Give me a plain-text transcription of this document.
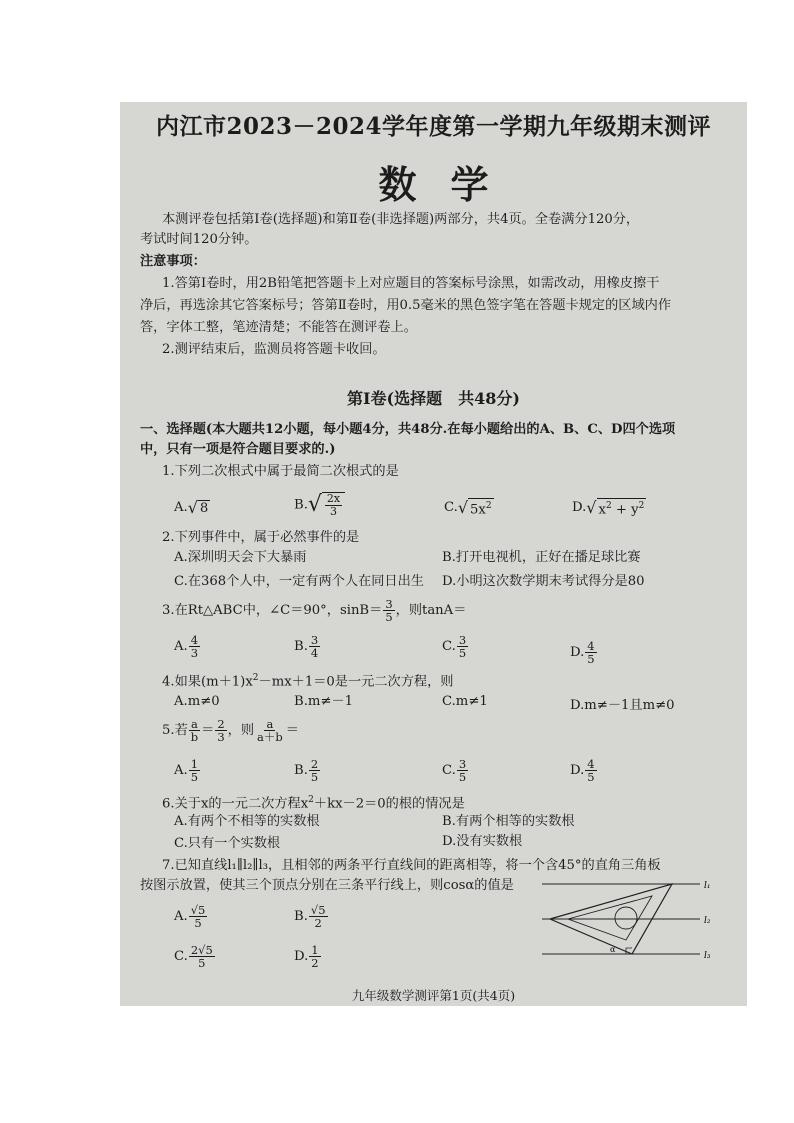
内江市2023－2024学年度第一学期九年级期末测评
数学
本测评卷包括第Ⅰ卷(选择题)和第Ⅱ卷(非选择题)两部分，共4页。全卷满分120分，
考试时间120分钟。
注意事项：
1.答第Ⅰ卷时，用2B铅笔把答题卡上对应题目的答案标号涂黑，如需改动，用橡皮擦干
净后，再选涂其它答案标号；答第Ⅱ卷时，用0.5毫米的黑色签字笔在答题卡规定的区域内作
答，字体工整，笔迹清楚；不能答在测评卷上。
2.测评结束后，监测员将答题卡收回。
第Ⅰ卷(选择题　共48分)
一、选择题(本大题共12小题，每小题4分，共48分.在每小题给出的A、B、C、D四个选项
中，只有一项是符合题目要求的.)
1.下列二次根式中属于最简二次根式的是
A. √ 8	B. √ $\frac{2x}{3}$	C. √ $5x^2$	D. √ $x^2 + y^2$
2.下列事件中，属于必然事件的是
A.深圳明天会下大暴雨	B.打开电视机，正好在播足球比赛
C.在368个人中，一定有两个人在同日出生 D.小明这次数学期末考试得分是80
3.在Rt△ABC中，∠C＝90°，$\sin B= \frac{3}{5}$ ，则tanA＝
A. $\frac{4}{3}$	B. $\frac{3}{4}$	C. $\frac{3}{5}$	D. $\frac{4}{5}$
4.如果$(m+1)x^2-mx+1=0$是一元二次方程，则
A.m≠0	B.m≠－1	C.m≠1	D.m≠－1且m≠0
5.若 $\frac{a}{b} = \frac{2}{3}$ ，则 $\frac{a}{a+b}$ ＝
A. $\frac{1}{5}$	B. $\frac{2}{5}$	C. $\frac{3}{5}$	D. $\frac{4}{5}$
6.关于x的一元二次方程$x^2+kx-2=0$的根的情况是
A.有两个不相等的实数根	B.有两个相等的实数根
C.只有一个实数根	D.没有实数根
7.已知直线l₁∥l₂∥l₃，且相邻的两条平行直线间的距离相等，将一个含45°的直角三角板
按图示放置，使其三个顶点分别在三条平行线上，则cosα的值是
A. $\frac{√5}{5}$	B. $\frac{√5}{2}$
C. $\frac{2√5}{5}$	D. $\frac{1}{2}$
l₁
l₂
l₃
α
九年级数学测评第1页(共4页)
